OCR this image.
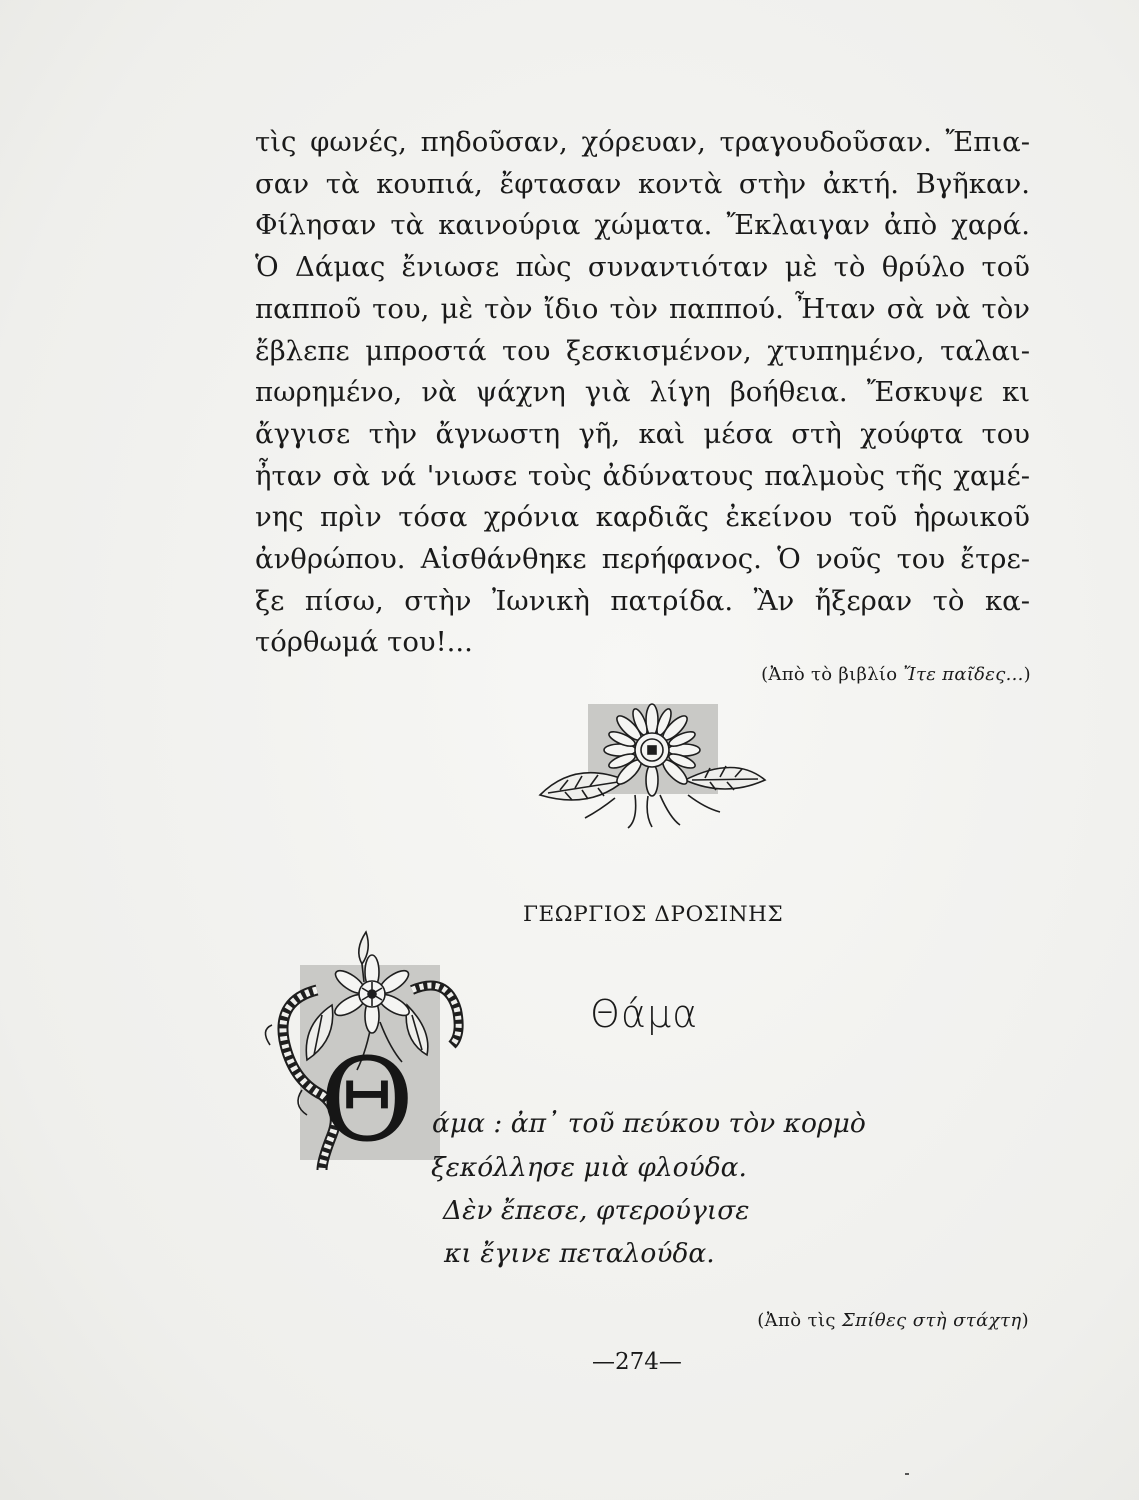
τὶς φωνές, πηδοῦσαν, χόρευαν, τραγουδοῦσαν. Ἔπια-
σαν τὰ κουπιά, ἔφτασαν κοντὰ στὴν ἀκτή. Βγῆκαν.
Φίλησαν τὰ καινούρια χώματα. Ἔκλαιγαν ἀπὸ χαρά.
Ὁ Δάμας ἔνιωσε πὼς συναντιόταν μὲ τὸ θρύλο τοῦ
παπποῦ του, μὲ τὸν ἴδιο τὸν παππού. Ἦταν σὰ νὰ τὸν
ἔβλεπε μπροστά του ξεσκισμένον, χτυπημένο, ταλαι-
πωρημένο, νὰ ψάχνη γιὰ λίγη βοήθεια. Ἔσκυψε κι
ἄγγισε τὴν ἄγνωστη γῆ, καὶ μέσα στὴ χούφτα του
ἦταν σὰ νά 'νιωσε τοὺς ἀδύνατους παλμοὺς τῆς χαμέ-
νης πρὶν τόσα χρόνια καρδιᾶς ἐκείνου τοῦ ἡρωικοῦ
ἀνθρώπου. Αἰσθάνθηκε περήφανος. Ὁ νοῦς του ἔτρε-
ξε πίσω, στὴν Ἰωνικὴ πατρίδα. Ἂν ἤξεραν τὸ κα-
τόρθωμά του!...
(Ἀπὸ τὸ βιβλίο Ἴτε παῖδες...)
ΓΕΩΡΓΙΟΣ ΔΡΟΣΙΝΗΣ
Θ
Θάμα
άμα : ἀπ᾽ τοῦ πεύκου τὸν κορμὸ
ξεκόλλησε μιὰ φλούδα.
Δὲν ἔπεσε, φτερούγισε
κι ἔγινε πεταλούδα.
(Ἀπὸ τὶς Σπίθες στὴ στάχτη)
—274—
